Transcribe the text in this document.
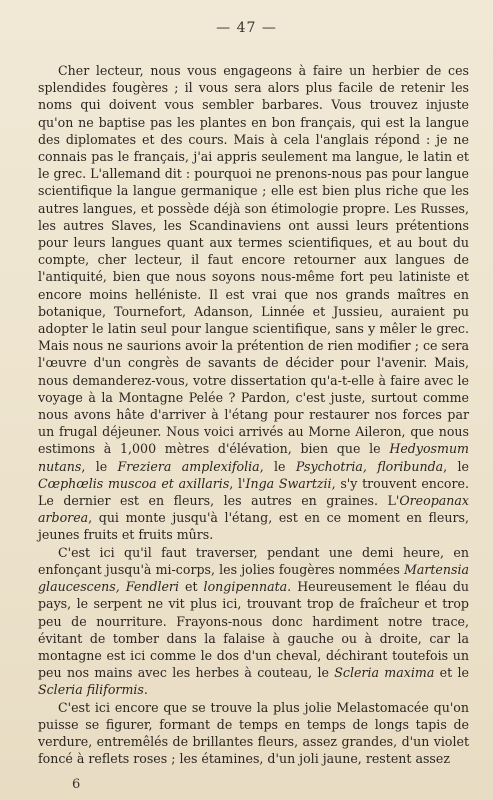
— 47 —

Cher lecteur, nous vous engageons à faire un herbier de ces splendides fougères ; il vous sera alors plus facile de retenir les noms qui doivent vous sembler barbares. Vous trouvez injuste qu'on ne baptise pas les plantes en bon français, qui est la langue des diplomates et des cours. Mais à cela l'anglais répond : je ne connais pas le français, j'ai appris seulement ma langue, le latin et le grec. L'allemand dit : pourquoi ne prenons-nous pas pour langue scientifique la langue germanique ; elle est bien plus riche que les autres langues, et possède déjà son étimologie propre. Les Russes, les autres Slaves, les Scandinaviens ont aussi leurs prétentions pour leurs langues quant aux termes scientifiques, et au bout du compte, cher lecteur, il faut encore retourner aux langues de l'antiquité, bien que nous soyons nous-même fort peu latiniste et encore moins helléniste. Il est vrai que nos grands maîtres en botanique, Tournefort, Adanson, Linnée et Jussieu, auraient pu adopter le latin seul pour langue scientifique, sans y mêler le grec. Mais nous ne saurions avoir la prétention de rien modifier ; ce sera l'œuvre d'un congrès de savants de décider pour l'avenir. Mais, nous demanderez-vous, votre dissertation qu'a-t-elle à faire avec le voyage à la Montagne Pelée ? Pardon, c'est juste, surtout comme nous avons hâte d'arriver à l'étang pour restaurer nos forces par un frugal déjeuner. Nous voici arrivés au Morne Aileron, que nous estimons à 1,000 mètres d'élévation, bien que le Hedyosmum nutans, le Freziera amplexifolia, le Psychotria, floribunda, le Cœphœlis muscoa et axillaris, l'Inga Swartzii, s'y trouvent encore. Le dernier est en fleurs, les autres en graines. L'Oreopanax arborea, qui monte jusqu'à l'étang, est en ce moment en fleurs, jeunes fruits et fruits mûrs.

C'est ici qu'il faut traverser, pendant une demi heure, en enfonçant jusqu'à mi-corps, les jolies fougères nommées Martensia glaucescens, Fendleri et longipennata. Heureusement le fléau du pays, le serpent ne vit plus ici, trouvant trop de fraîcheur et trop peu de nourriture. Frayons-nous donc hardiment notre trace, évitant de tomber dans la falaise à gauche ou à droite, car la montagne est ici comme le dos d'un cheval, déchirant toutefois un peu nos mains avec les herbes à couteau, le Scleria maxima et le Scleria filiformis.

C'est ici encore que se trouve la plus jolie Melastomacée qu'on puisse se figurer, formant de temps en temps de longs tapis de verdure, entremêlés de brillantes fleurs, assez grandes, d'un violet foncé à reflets roses ; les étamines, d'un joli jaune, restent assez

6
